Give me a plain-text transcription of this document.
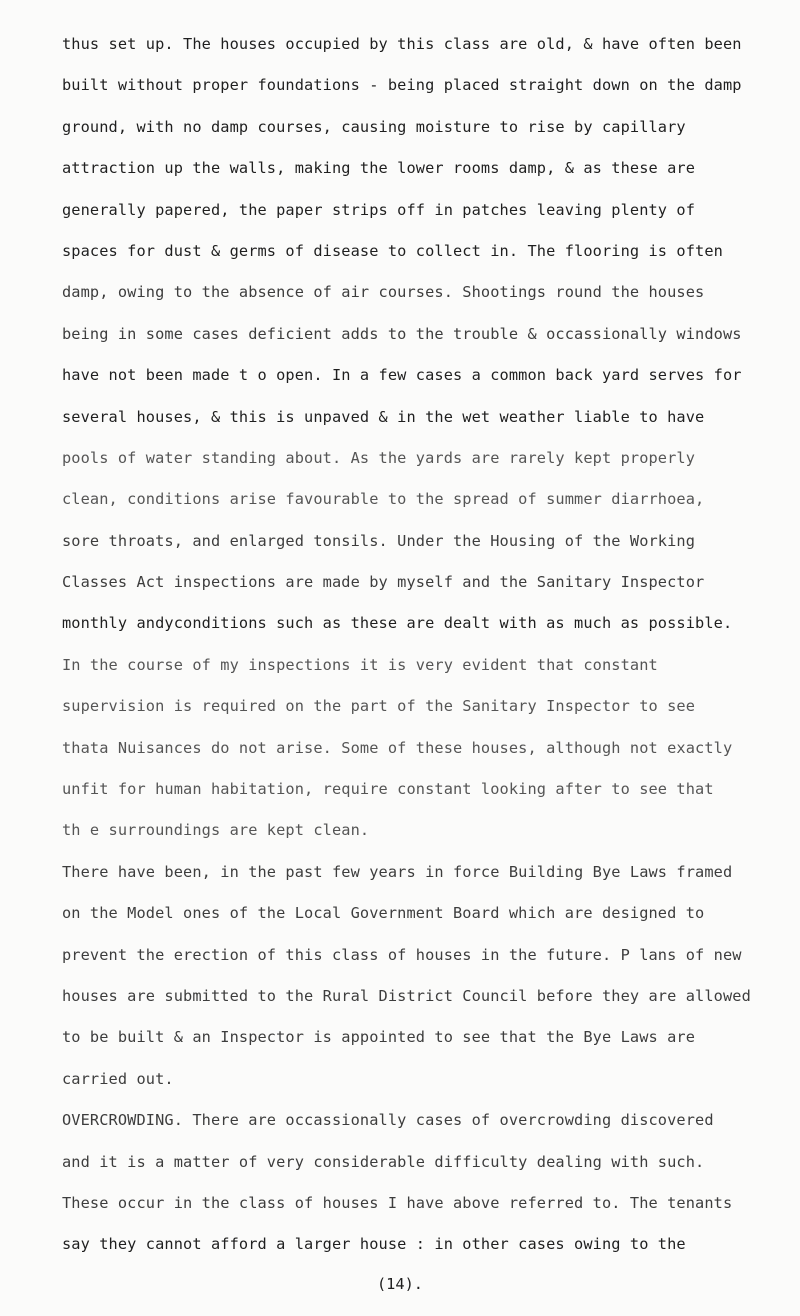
thus set up. The houses occupied by this class are old, & have often been
built without proper foundations - being placed straight down on the damp
ground, with no damp courses, causing moisture to rise by capillary
attraction up the walls, making the lower rooms damp, & as these are
generally papered, the paper strips off in patches leaving plenty of
spaces for dust & germs of disease to collect in. The flooring is often
damp, owing to the absence of air courses. Shootings round the houses
being in some cases deficient adds to the trouble & occassionally windows
have not been made t o open. In a few cases a common back yard serves for
several houses, & this is unpaved & in the wet weather liable to have
pools of water standing about. As the yards are rarely kept properly
clean, conditions arise favourable to the spread of summer diarrhoea,
sore throats, and enlarged tonsils. Under the Housing of the Working
Classes Act inspections are made by myself and the Sanitary Inspector
monthly andyconditions such as these are dealt with as much as possible.
In the course of my inspections it is very evident that constant
supervision is required on the part of the Sanitary Inspector to see
thata Nuisances do not arise. Some of these houses, although not exactly
unfit for human habitation, require constant looking after to see that
th e surroundings are kept clean.
There have been, in the past few years in force Building Bye Laws framed
on the Model ones of the Local Government Board which are designed to
prevent the erection of this class of houses in the future. P lans of new
houses are submitted to the Rural District Council before they are allowed
to be built & an Inspector is appointed to see that the Bye Laws are
carried out.
OVERCROWDING. There are occassionally cases of overcrowding discovered
and it is a matter of very considerable difficulty dealing with such.
These occur in the class of houses I have above referred to. The tenants
say they cannot afford a larger house : in other cases owing to the
(14).
